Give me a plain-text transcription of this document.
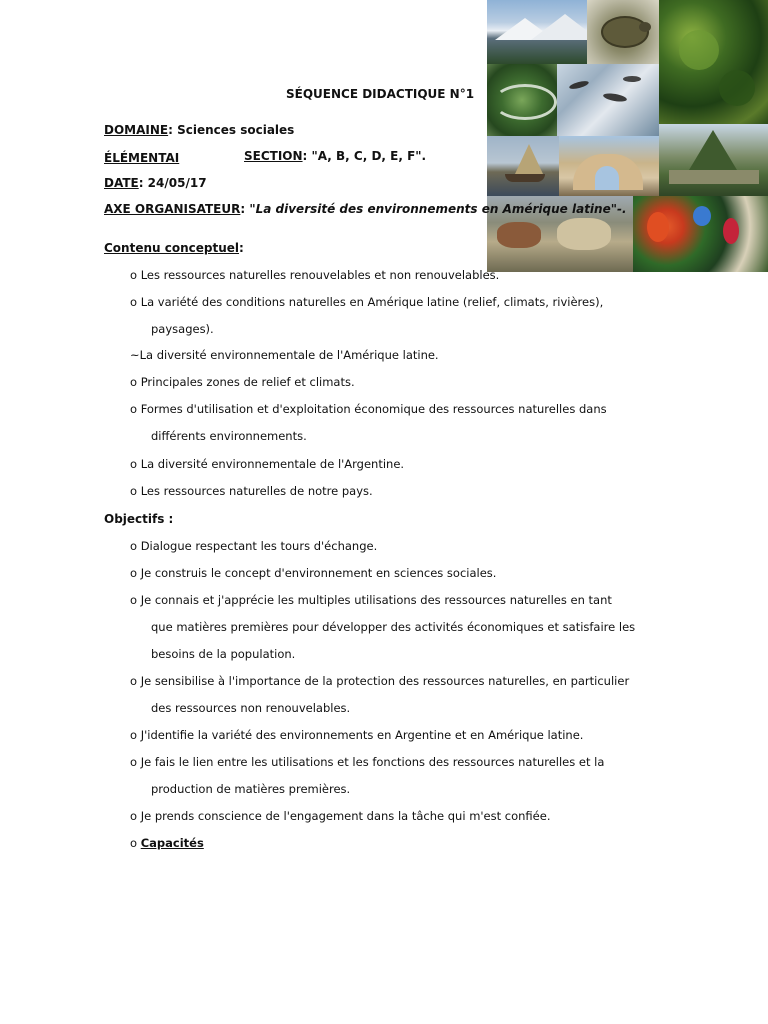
SÉQUENCE DIDACTIQUE N°1
DOMAINE: Sciences sociales
ÉLÉMENTAI	SECTION: "A, B, C, D, E, F".
DATE: 24/05/17
AXE ORGANISATEUR: "La diversité des environnements en Amérique latine"-.
Contenu conceptuel:
o Les ressources naturelles renouvelables et non renouvelables.
o La variété des conditions naturelles en Amérique latine (relief, climats, rivières),
paysages).
~La diversité environnementale de l'Amérique latine.
o Principales zones de relief et climats.
o Formes d'utilisation et d'exploitation économique des ressources naturelles dans
différents environnements.
o La diversité environnementale de l'Argentine.
o Les ressources naturelles de notre pays.
Objectifs :
o Dialogue respectant les tours d'échange.
o Je construis le concept d'environnement en sciences sociales.
o Je connais et j'apprécie les multiples utilisations des ressources naturelles en tant
que matières premières pour développer des activités économiques et satisfaire les
besoins de la population.
o Je sensibilise à l'importance de la protection des ressources naturelles, en particulier
des ressources non renouvelables.
o J'identifie la variété des environnements en Argentine et en Amérique latine.
o Je fais le lien entre les utilisations et les fonctions des ressources naturelles et la
production de matières premières.
o Je prends conscience de l'engagement dans la tâche qui m'est confiée.
o Capacités
